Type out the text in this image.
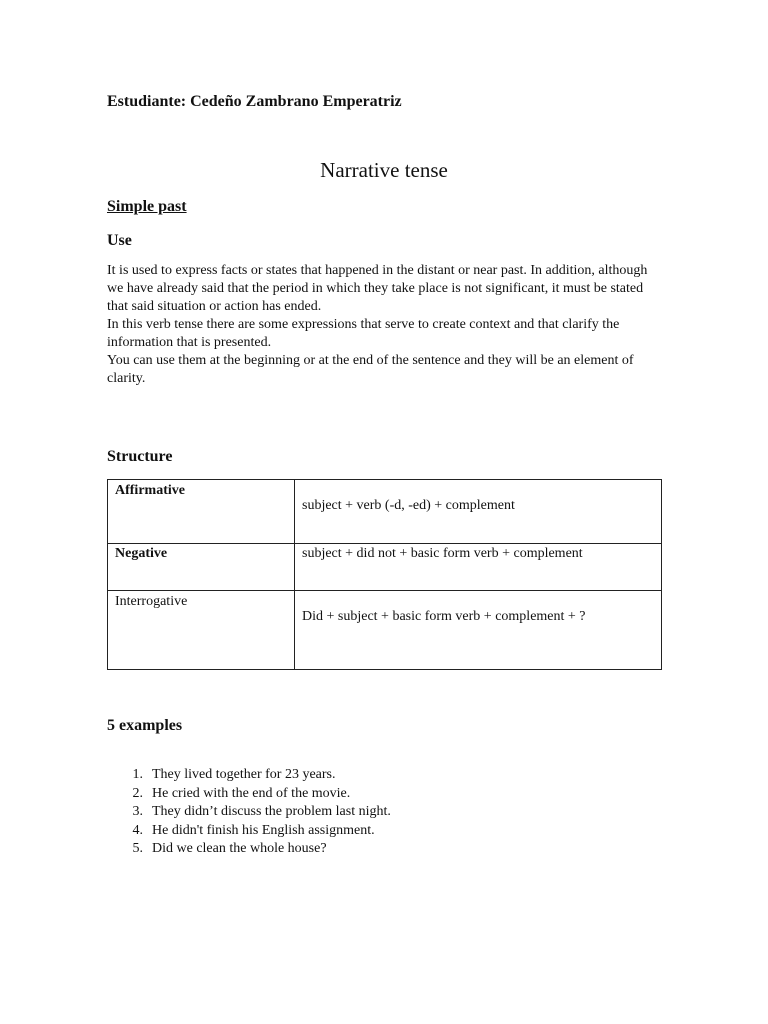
Estudiante: Cedeño Zambrano Emperatriz
Narrative tense
Simple past
Use

It is used to express facts or states that happened in the distant or near past. In addition, although we have already said that the period in which they take place is not significant, it must be stated that said situation or action has ended.

In this verb tense there are some expressions that serve to create context and that clarify the information that is presented.

You can use them at the beginning or at the end of the sentence and they will be an element of clarity.

Structure
Affirmative	subject + verb (-d, -ed) + complement

Negative	subject + did not + basic form verb + complement

Interrogative	Did + subject + basic form verb + complement + ?
5 examples
1. They lived together for 23 years.
2. He cried with the end of the movie.
3. They didn’t discuss the problem last night.
4. He didn't finish his English assignment.
5. Did we clean the whole house?
